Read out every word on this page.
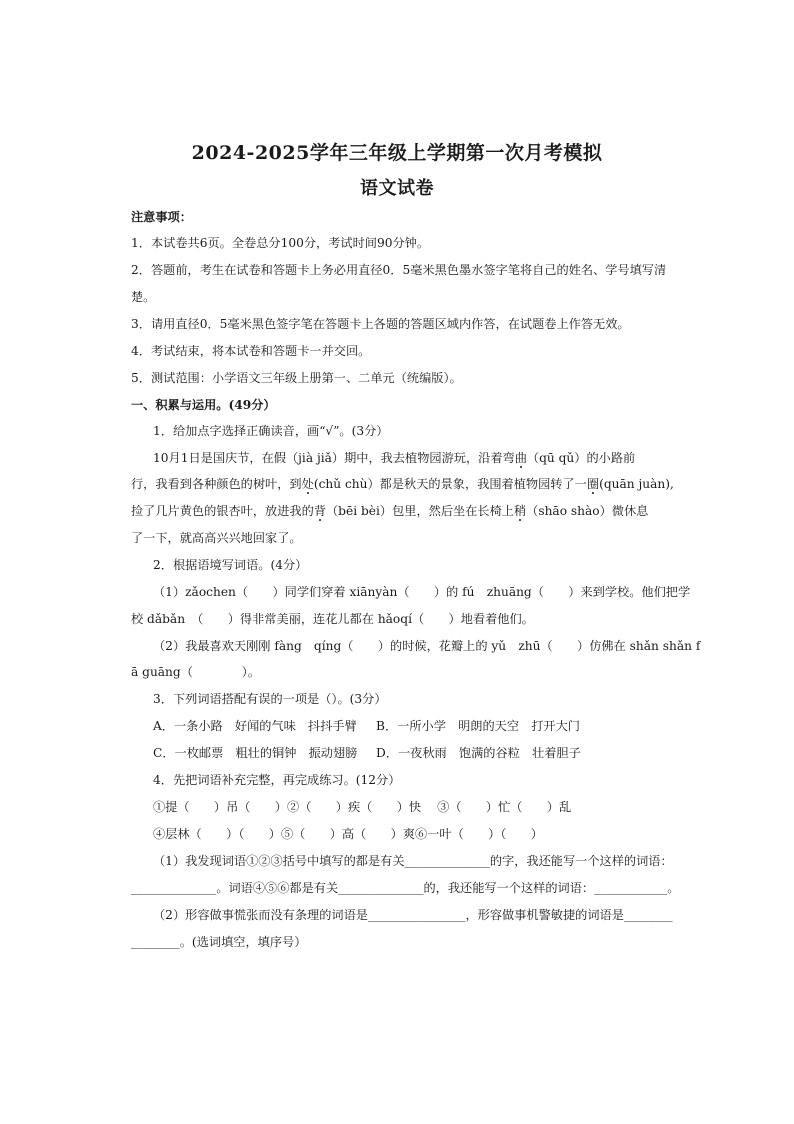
2024-2025学年三年级上学期第一次月考模拟
语文试卷
注意事项：
1．本试卷共6页。全卷总分100分，考试时间90分钟。
2．答题前，考生在试卷和答题卡上务必用直径0．5毫米黑色墨水签字笔将自己的姓名、学号填写清
楚。
3．请用直径0．5毫米黑色签字笔在答题卡上各题的答题区域内作答，在试题卷上作答无效。
4．考试结束，将本试卷和答题卡一并交回。
5．测试范围：小学语文三年级上册第一、二单元（统编版）。
一、积累与运用。(49分）
1．给加点字选择正确读音，画“√”。(3分）
10月1日是国庆节，在假（jià jiǎ）期中，我去植物园游玩，沿着弯曲（qū qǔ）的小路前
行，我看到各种颜色的树叶，到处(chǔ chù）都是秋天的景象，我围着植物园转了一圈(quān juàn),
捡了几片黄色的银杏叶，放进我的背（bēi bèi）包里，然后坐在长椅上稍（shāo shào）微休息
了一下，就高高兴兴地回家了。
2．根据语境写词语。(4分）
（1）zǎochen（　　）同学们穿着 xiānyàn（　　）的 fú　zhuāng（　　）来到学校。他们把学
校 dǎbǎn　（　　）得非常美丽，连花儿都在 hǎoqí（　　）地看着他们。
（2）我最喜欢天刚刚 fàng　qíng（　　）的时候，花瓣上的 yǔ　zhū（　　）仿佛在 shǎn shǎn f
ā guāng（　　　　）。
3．下列词语搭配有误的一项是（）。(3分）
A．一条小路　好闻的气味　抖抖手臂 B．一所小学　明朗的天空　打开大门
C．一枚邮票　粗壮的铜钟　振动翅膀 D．一夜秋雨　饱满的谷粒　壮着胆子
4．先把词语补充完整，再完成练习。(12分）
①提（　　）吊（　　）②（　　）疾（　　）快　 ③（　　）忙（　　）乱
④层林（　　）（　　）⑤（　　）高（　　）爽⑥一叶（　　）（　　）
（1）我发现词语①②③括号中填写的都是有关______________的字，我还能写一个这样的词语：
______________。词语④⑤⑥都是有关______________的，我还能写一个这样的词语：____________。
（2）形容做事慌张而没有条理的词语是________________，形容做事机警敏捷的词语是________
________。(选词填空，填序号）
